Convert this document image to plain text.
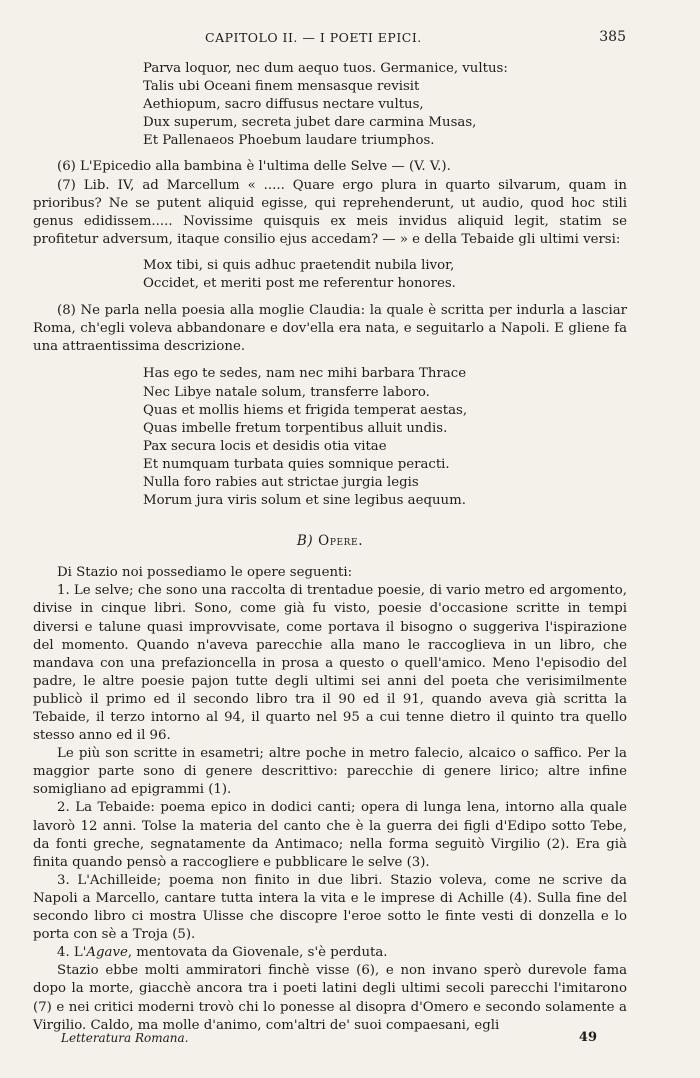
CAPITOLO II. — I POETI EPICI.	385
Parva loquor, nec dum aequo tuos. Germanice, vultus:
Talis ubi Oceani finem mensasque revisit
Aethiopum, sacro diffusus nectare vultus,
Dux superum, secreta jubet dare carmina Musas,
Et Pallenaeos Phoebum laudare triumphos.

(6) L'Epicedio alla bambina è l'ultima delle Selve — (V. V.).

(7) Lib. IV, ad Marcellum « ..... Quare ergo plura in quarto silvarum, quam in prioribus? Ne se putent aliquid egisse, qui reprehenderunt, ut audio, quod hoc stili genus edidissem..... Novissime quisquis ex meis invidus aliquid legit, statim se profitetur adversum, itaque consilio ejus accedam? — » e della Tebaide gli ultimi versi:

Mox tibi, si quis adhuc praetendit nubila livor,
Occidet, et meriti post me referentur honores.

(8) Ne parla nella poesia alla moglie Claudia: la quale è scritta per indurla a lasciar Roma, ch'egli voleva abbandonare e dov'ella era nata, e seguitarlo a Napoli. E gliene fa una attraentissima descrizione.

Has ego te sedes, nam nec mihi barbara Thrace
Nec Libye natale solum, transferre laboro.
Quas et mollis hiems et frigida temperat aestas,
Quas imbelle fretum torpentibus alluit undis.
Pax secura locis et desidis otia vitae
Et numquam turbata quies somnique peracti.
Nulla foro rabies aut strictae jurgia legis
Morum jura viris solum et sine legibus aequum.
B) Opere.

Di Stazio noi possediamo le opere seguenti:

1. Le selve; che sono una raccolta di trentadue poesie, di vario metro ed argomento, divise in cinque libri. Sono, come già fu visto, poesie d'occasione scritte in tempi diversi e talune quasi improvvisate, come portava il bisogno o suggeriva l'ispirazione del momento. Quando n'aveva parecchie alla mano le raccoglieva in un libro, che mandava con una prefazioncella in prosa a questo o quell'amico. Meno l'episodio del padre, le altre poesie pajon tutte degli ultimi sei anni del poeta che verisimilmente publicò il primo ed il secondo libro tra il 90 ed il 91, quando aveva già scritta la Tebaide, il terzo intorno al 94, il quarto nel 95 a cui tenne dietro il quinto tra quello stesso anno ed il 96.

Le più son scritte in esametri; altre poche in metro falecio, alcaico o saffico. Per la maggior parte sono di genere descrittivo: parecchie di genere lirico; altre infine somigliano ad epigrammi (1).

2. La Tebaide: poema epico in dodici canti; opera di lunga lena, intorno alla quale lavorò 12 anni. Tolse la materia del canto che è la guerra dei figli d'Edipo sotto Tebe, da fonti greche, segnatamente da Antimaco; nella forma seguitò Virgilio (2). Era già finita quando pensò a raccogliere e pubblicare le selve (3).

3. L'Achilleide; poema non finito in due libri. Stazio voleva, come ne scrive da Napoli a Marcello, cantare tutta intera la vita e le imprese di Achille (4). Sulla fine del secondo libro ci mostra Ulisse che discopre l'eroe sotto le finte vesti di donzella e lo porta con sè a Troja (5).

4. L'Agave, mentovata da Giovenale, s'è perduta.

Stazio ebbe molti ammiratori finchè visse (6), e non invano sperò durevole fama dopo la morte, giacchè ancora tra i poeti latini degli ultimi secoli parecchi l'imitarono (7) e nei critici moderni trovò chi lo ponesse al disopra d'Omero e secondo solamente a Virgilio. Caldo, ma molle d'animo, com'altri de' suoi compaesani, egli

Letteratura Romana.	49
